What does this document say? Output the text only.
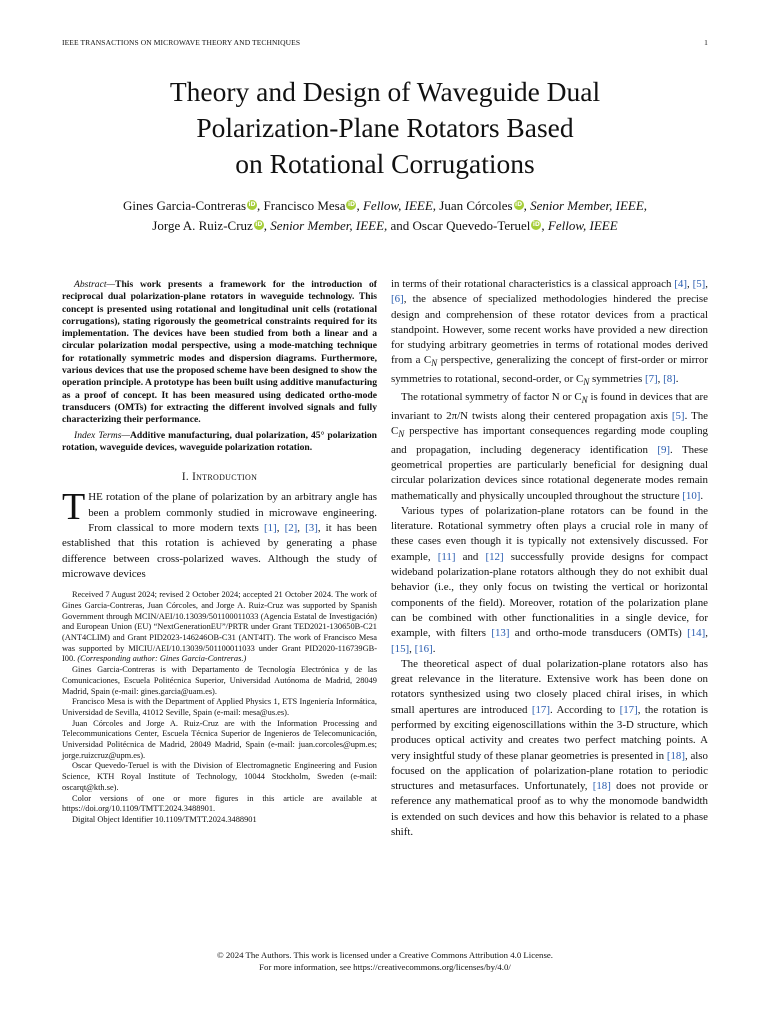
IEEE TRANSACTIONS ON MICROWAVE THEORY AND TECHNIQUES	1
Theory and Design of Waveguide Dual
Polarization-Plane Rotators Based
on Rotational Corrugations
Gines Garcia-Contreras iD, Francisco Mesa iD, Fellow, IEEE, Juan Córcoles iD, Senior Member, IEEE,
Jorge A. Ruiz-Cruz iD, Senior Member, IEEE, and Oscar Quevedo-Teruel iD, Fellow, IEEE
Abstract—This work presents a framework for the introduction of reciprocal dual polarization-plane rotators in waveguide technology. This concept is presented using rotational and longitudinal unit cells (rotational corrugations), stating rigorously the geometrical constraints required for its implementation. The devices have been studied from both a linear and a circular polarization modal perspective, using a mode-matching technique for rotationally symmetric modes and dispersion diagrams. Furthermore, various devices that use the proposed scheme have been designed to show the operation principle. A prototype has been built using additive manufacturing as a proof of concept. It has been measured using dedicated ortho-mode transducers (OMTs) for extracting the different involved signals and fully characterizing their performance.
Index Terms—Additive manufacturing, dual polarization, 45° polarization rotation, waveguide devices, waveguide polarization rotation.
I. Introduction
THE rotation of the plane of polarization by an arbitrary angle has been a problem commonly studied in microwave engineering. From classical to more modern texts [1], [2], [3], it has been established that this rotation is achieved by generating a phase difference between cross-polarized waves. Although the study of microwave devices

Received 7 August 2024; revised 2 October 2024; accepted 21 October 2024. The work of Gines Garcia-Contreras, Juan Córcoles, and Jorge A. Ruiz-Cruz was supported by Spanish Government through MCIN/AEI/10.13039/501100011033 (Agencia Estatal de Investigación) and European Union (EU) “NextGenerationEU”/PRTR under Grant TED2021-130650B-C21 (ANT4CLIM) and Grant PID2023-146246OB-C31 (ANT4IT). The work of Francisco Mesa was supported by MICIU/AEI/10.13039/501100011033 under Grant PID2020-116739GB-I00. (Corresponding author: Gines Garcia-Contreras.)

Gines Garcia-Contreras is with Departamento de Tecnología Electrónica y de las Comunicaciones, Escuela Politécnica Superior, Universidad Autónoma de Madrid, 28049 Madrid, Spain (e-mail: gines.garcia@uam.es).

Francisco Mesa is with the Department of Applied Physics 1, ETS Ingeniería Informática, Universidad de Sevilla, 41012 Seville, Spain (e-mail: mesa@us.es).

Juan Córcoles and Jorge A. Ruiz-Cruz are with the Information Processing and Telecommunications Center, Escuela Técnica Superior de Ingenieros de Telecomunicación, Universidad Politécnica de Madrid, 28049 Madrid, Spain (e-mail: juan.corcoles@upm.es; jorge.ruizcruz@upm.es).

Oscar Quevedo-Teruel is with the Division of Electromagnetic Engineering and Fusion Science, KTH Royal Institute of Technology, 10044 Stockholm, Sweden (e-mail: oscarqt@kth.se).

Color versions of one or more figures in this article are available at https://doi.org/10.1109/TMTT.2024.3488901.

Digital Object Identifier 10.1109/TMTT.2024.3488901

in terms of their rotational characteristics is a classical approach [4], [5], [6], the absence of specialized methodologies hindered the precise design and comprehension of these rotator devices from a practical standpoint. However, some recent works have provided a new direction for studying arbitrary geometries in terms of rotational modes derived from a $C_N$ perspective, generalizing the concept of first-order or mirror symmetries to rotational, second-order, or $C_N$ symmetries [7], [8].

The rotational symmetry of factor N or $C_N$ is found in devices that are invariant to 2π/N twists along their centered propagation axis [5]. The $C_N$ perspective has important consequences regarding mode coupling and propagation, including degeneracy identification [9]. These geometrical properties are particularly beneficial for designing dual circular polarization devices since rotational degenerate modes remain mathematically and physically uncoupled throughout the structure [10].

Various types of polarization-plane rotators can be found in the literature. Rotational symmetry often plays a crucial role in many of these cases even though it is typically not extensively discussed. For example, [11] and [12] successfully provide designs for compact wideband polarization-plane rotators although they do not exhibit dual behavior (i.e., they only focus on twisting the vertical or horizontal components of the field). Moreover, rotation of the polarization plane can be combined with other functionalities in a single device, for example, with filters [13] and ortho-mode transducers (OMTs) [14], [15], [16].

The theoretical aspect of dual polarization-plane rotators also has great relevance in the literature. Extensive work has been done on rotators synthesized using two closely placed chiral irises, in which small apertures are introduced [17]. According to [17], the rotation is performed by exciting eigenoscillations within the 3-D structure, which produces optical activity and creates two perfect matching points. A very insightful study of these planar geometries is presented in [18], also focused on the application of polarization-plane rotation to periodic structures and metasurfaces. Unfortunately, [18] does not provide or reference any mathematical proof as to why the monomode bandwidth is extended on such devices and how this behavior is related to a phase shift.

© 2024 The Authors. This work is licensed under a Creative Commons Attribution 4.0 License.
For more information, see https://creativecommons.org/licenses/by/4.0/
